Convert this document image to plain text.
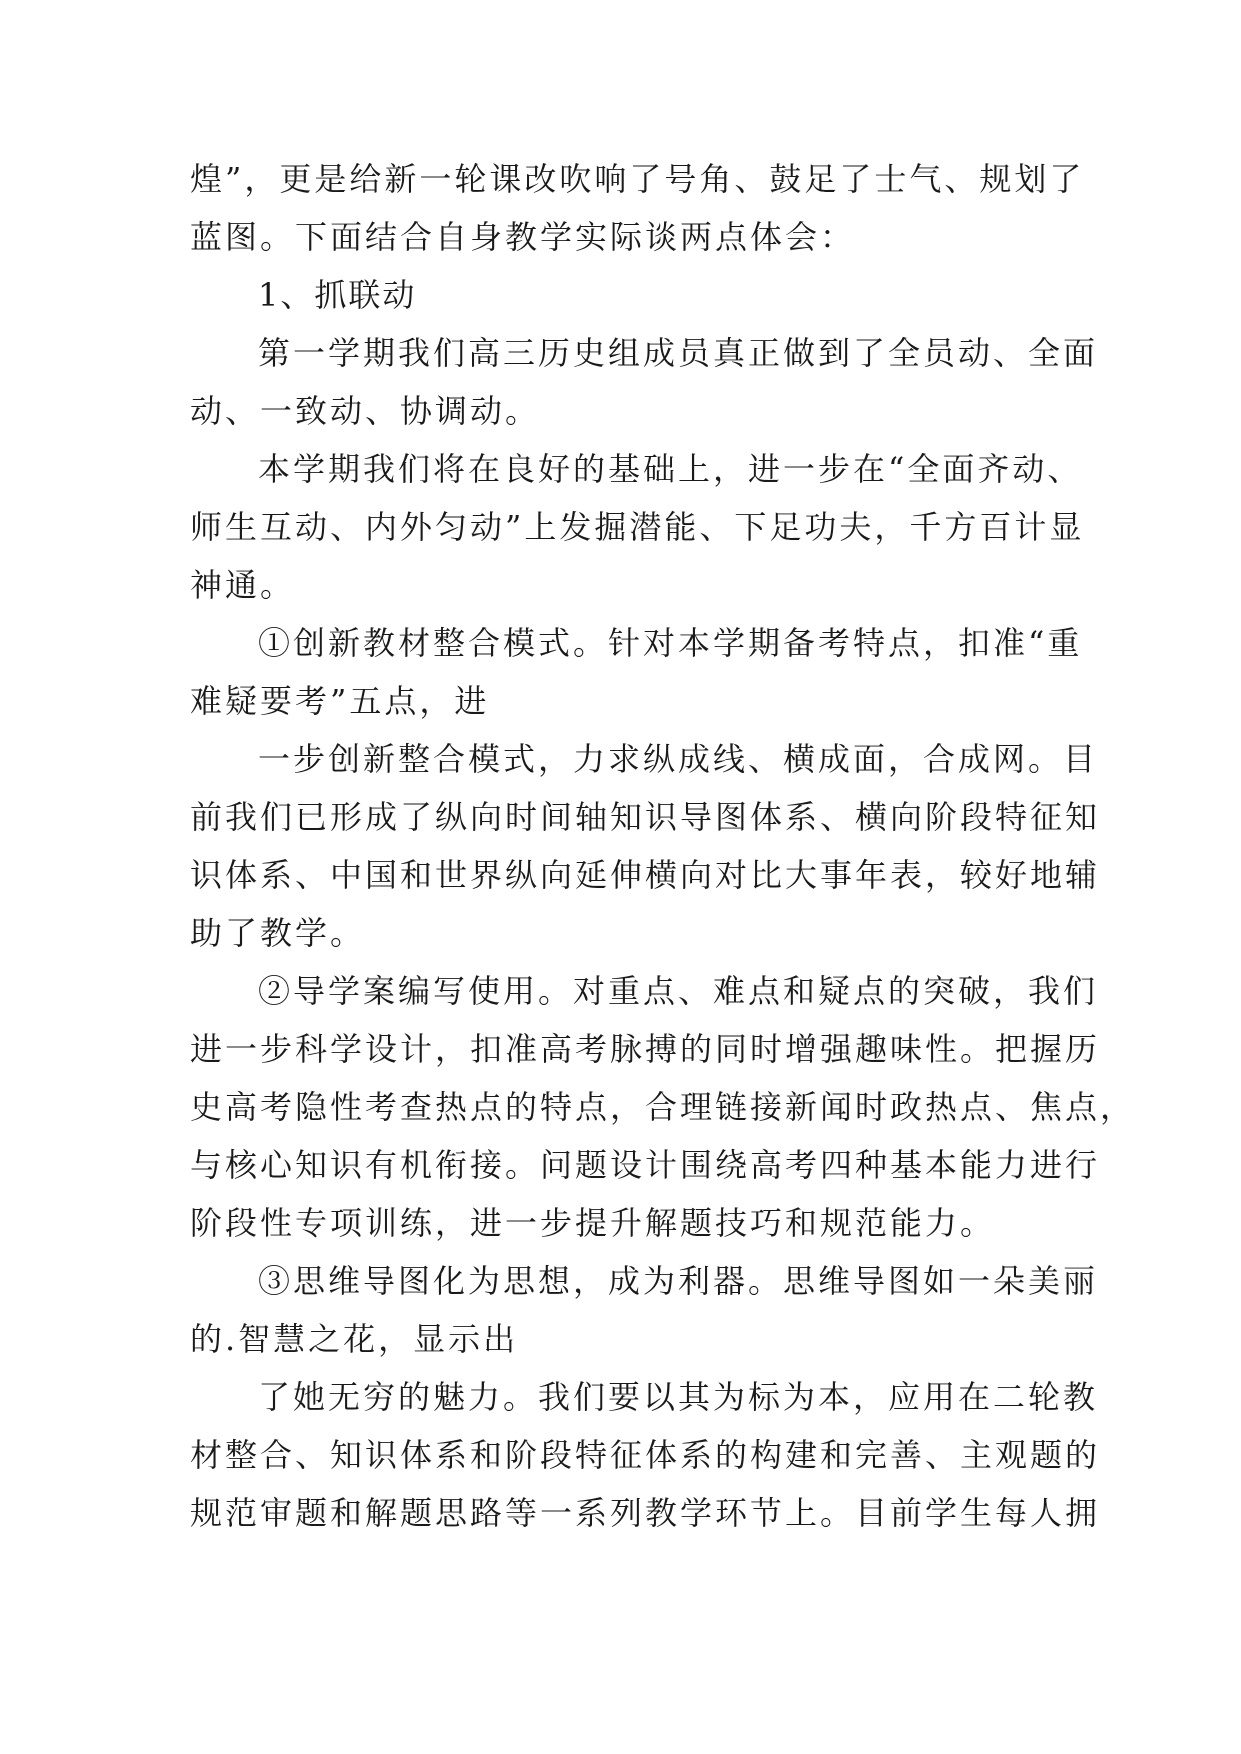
煌”，更是给新一轮课改吹响了号角、鼓足了士气、规划了
蓝图。下面结合自身教学实际谈两点体会：
1、抓联动
第一学期我们高三历史组成员真正做到了全员动、全面
动、一致动、协调动。
本学期我们将在良好的基础上，进一步在“全面齐动、
师生互动、内外匀动”上发掘潜能、下足功夫，千方百计显
神通。
①创新教材整合模式。针对本学期备考特点，扣准“重
难疑要考”五点，进
一步创新整合模式，力求纵成线、横成面，合成网。目
前我们已形成了纵向时间轴知识导图体系、横向阶段特征知
识体系、中国和世界纵向延伸横向对比大事年表，较好地辅
助了教学。
②导学案编写使用。对重点、难点和疑点的突破，我们
进一步科学设计，扣准高考脉搏的同时增强趣味性。把握历
史高考隐性考查热点的特点，合理链接新闻时政热点、焦点，
与核心知识有机衔接。问题设计围绕高考四种基本能力进行
阶段性专项训练，进一步提升解题技巧和规范能力。
③思维导图化为思想，成为利器。思维导图如一朵美丽
的.智慧之花，显示出
了她无穷的魅力。我们要以其为标为本，应用在二轮教
材整合、知识体系和阶段特征体系的构建和完善、主观题的
规范审题和解题思路等一系列教学环节上。目前学生每人拥
